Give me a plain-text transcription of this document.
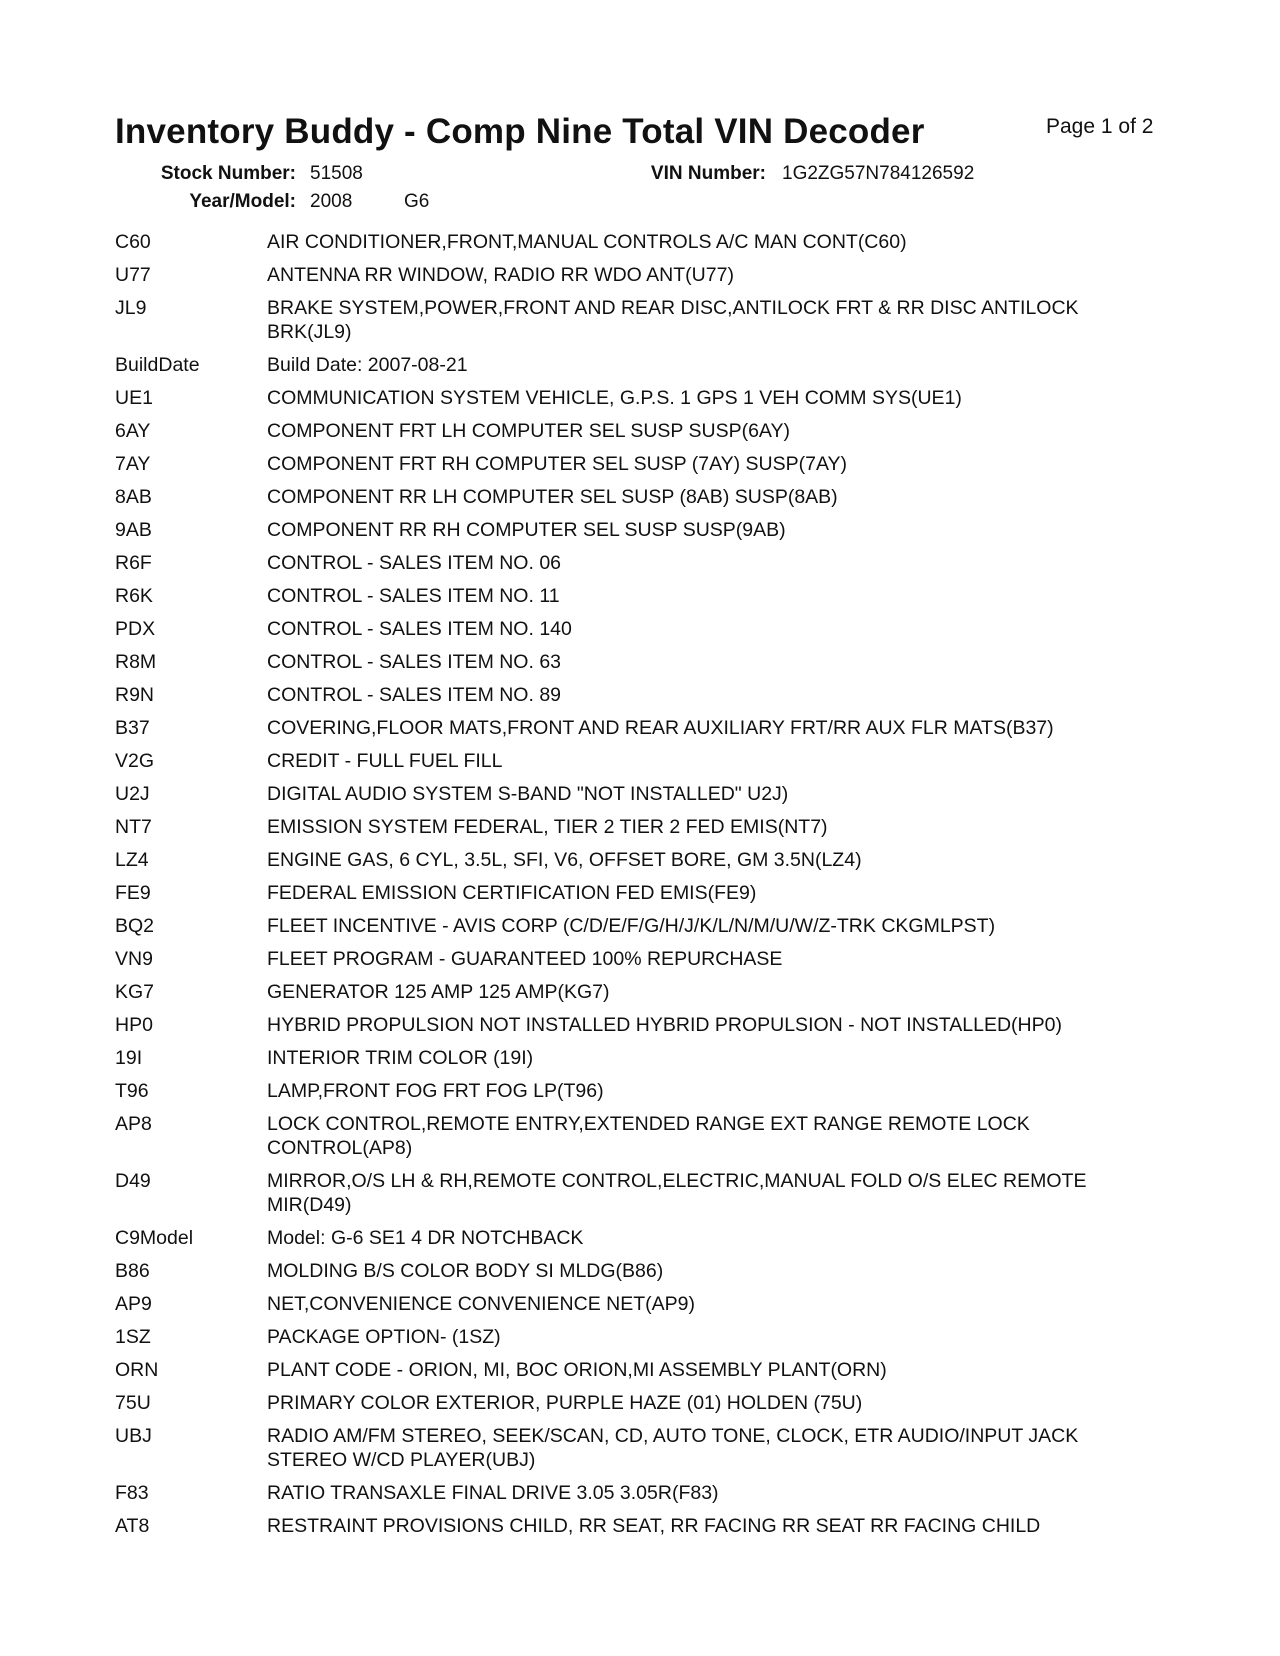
Inventory Buddy - Comp Nine Total VIN Decoder	Page 1 of 2
Stock Number: 51508	VIN Number: 1G2ZG57N784126592
Year/Model: 2008	G6
C60	AIR CONDITIONER,FRONT,MANUAL CONTROLS A/C MAN CONT(C60)
U77	ANTENNA RR WINDOW, RADIO RR WDO ANT(U77)
JL9	BRAKE SYSTEM,POWER,FRONT AND REAR DISC,ANTILOCK FRT & RR DISC ANTILOCK BRK(JL9)
BuildDate	Build Date: 2007-08-21
UE1	COMMUNICATION SYSTEM VEHICLE, G.P.S. 1 GPS 1 VEH COMM SYS(UE1)
6AY	COMPONENT FRT LH COMPUTER SEL SUSP SUSP(6AY)
7AY	COMPONENT FRT RH COMPUTER SEL SUSP (7AY) SUSP(7AY)
8AB	COMPONENT RR LH COMPUTER SEL SUSP (8AB) SUSP(8AB)
9AB	COMPONENT RR RH COMPUTER SEL SUSP SUSP(9AB)
R6F	CONTROL - SALES ITEM NO. 06
R6K	CONTROL - SALES ITEM NO. 11
PDX	CONTROL - SALES ITEM NO. 140
R8M	CONTROL - SALES ITEM NO. 63
R9N	CONTROL - SALES ITEM NO. 89
B37	COVERING,FLOOR MATS,FRONT AND REAR AUXILIARY FRT/RR AUX FLR MATS(B37)
V2G	CREDIT - FULL FUEL FILL
U2J	DIGITAL AUDIO SYSTEM S-BAND "NOT INSTALLED" U2J)
NT7	EMISSION SYSTEM FEDERAL, TIER 2 TIER 2 FED EMIS(NT7)
LZ4	ENGINE GAS, 6 CYL, 3.5L, SFI, V6, OFFSET BORE, GM 3.5N(LZ4)
FE9	FEDERAL EMISSION CERTIFICATION FED EMIS(FE9)
BQ2	FLEET INCENTIVE - AVIS CORP (C/D/E/F/G/H/J/K/L/N/M/U/W/Z-TRK CKGMLPST)
VN9	FLEET PROGRAM - GUARANTEED 100% REPURCHASE
KG7	GENERATOR 125 AMP 125 AMP(KG7)
HP0	HYBRID PROPULSION NOT INSTALLED HYBRID PROPULSION - NOT INSTALLED(HP0)
19I	INTERIOR TRIM COLOR (19I)
T96	LAMP,FRONT FOG FRT FOG LP(T96)
AP8	LOCK CONTROL,REMOTE ENTRY,EXTENDED RANGE EXT RANGE REMOTE LOCK CONTROL(AP8)
D49	MIRROR,O/S LH & RH,REMOTE CONTROL,ELECTRIC,MANUAL FOLD O/S ELEC REMOTE MIR(D49)
C9Model	Model: G-6 SE1 4 DR NOTCHBACK
B86	MOLDING B/S COLOR BODY SI MLDG(B86)
AP9	NET,CONVENIENCE CONVENIENCE NET(AP9)
1SZ	PACKAGE OPTION- (1SZ)
ORN	PLANT CODE - ORION, MI, BOC ORION,MI ASSEMBLY PLANT(ORN)
75U	PRIMARY COLOR EXTERIOR, PURPLE HAZE (01) HOLDEN (75U)
UBJ	RADIO AM/FM STEREO, SEEK/SCAN, CD, AUTO TONE, CLOCK, ETR AUDIO/INPUT JACK STEREO W/CD PLAYER(UBJ)
F83	RATIO TRANSAXLE FINAL DRIVE 3.05 3.05R(F83)
AT8	RESTRAINT PROVISIONS CHILD, RR SEAT, RR FACING RR SEAT RR FACING CHILD
